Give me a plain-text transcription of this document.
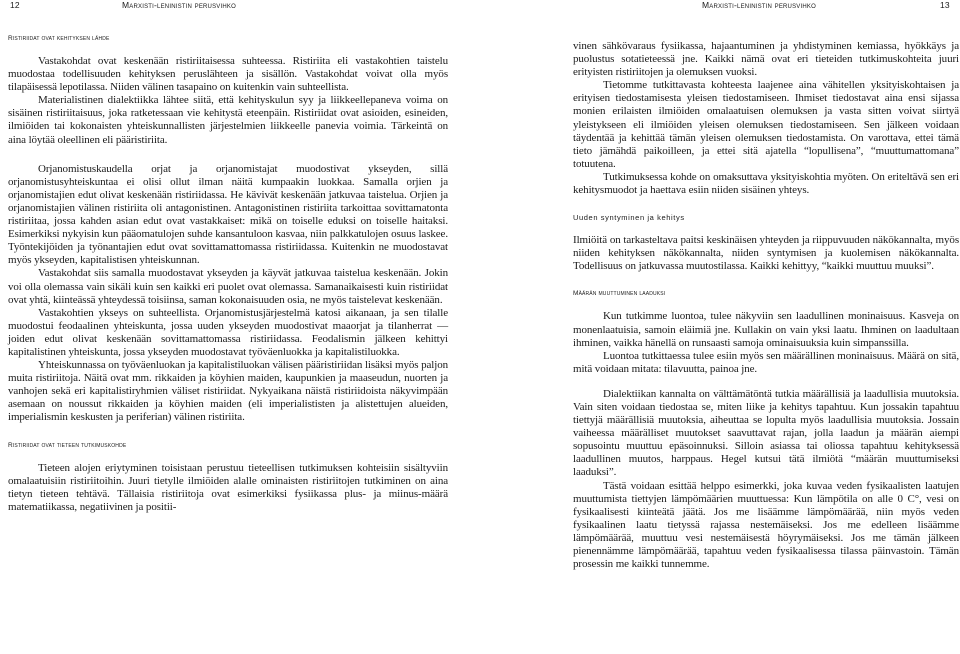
12	Marxisti-leninistin perusvihko
Ristiriidat ovat kehityksen lähde

Vastakohdat ovat keskenään ristiriitaisessa suhteessa. Ristiriita eli vastakohtien taistelu muodostaa todellisuuden kehityksen peruslähteen ja sisällön. Vastakohdat voivat olla myös tilapäisessä lepotilassa. Niiden välinen tasapaino on kuitenkin vain suhteellista.

Materialistinen dialektiikka lähtee siitä, että kehityskulun syy ja liikkeellepaneva voima on sisäinen ristiriitaisuus, joka ratketessaan vie kehitystä eteenpäin. Ristiriidat ovat asioiden, esineiden, ilmiöiden tai kokonaisten yhteiskunnallisten järjestelmien liikkeelle panevia voimia. Tärkeintä on aina löytää oleellinen eli pääristiriita.

Orjanomistuskaudella orjat ja orjanomistajat muodostivat ykseyden, sillä orjanomistusyhteiskuntaa ei olisi ollut ilman näitä kumpaakin luokkaa. Samalla orjien ja orjanomistajien edut olivat keskenään ristiriidassa. He kävivät keskenään jatkuvaa taistelua. Orjien ja orjanomistajien välinen ristiriita oli antagonistinen. Antagonistinen ristiriita tarkoittaa sovittamatonta ristiriitaa, jossa kahden asian edut ovat vastakkaiset: mikä on toiselle eduksi on toiselle haitaksi. Esimerkiksi nykyisin kun pääomatulojen suhde kansantuloon kasvaa, niin palkkatulojen osuus laskee. Työntekijöiden ja työnantajien edut ovat sovittamattomassa ristiriidassa. Kuitenkin ne muodostavat myös ykseyden, kapitalistisen yhteiskunnan.

Vastakohdat siis samalla muodostavat ykseyden ja käyvät jatkuvaa taistelua keskenään. Jokin voi olla olemassa vain sikäli kuin sen kaikki eri puolet ovat olemassa. Samanaikaisesti kuin ristiriidat ovat yhtä, kiinteässä yhteydessä toisiinsa, saman kokonaisuuden osia, ne myös taistelevat keskenään.

Vastakohtien ykseys on suhteellista. Orjanomistusjärjestelmä katosi aikanaan, ja sen tilalle muodostui feodaalinen yhteiskunta, jossa uuden ykseyden muodostivat maaorjat ja tilanherrat — joiden edut olivat keskenään sovittamattomassa ristiriidassa. Feodalismin jälkeen kehittyi kapitalistinen yhteiskunta, jossa ykseyden muodostavat työväenluokka ja kapitalistiluokka.

Yhteiskunnassa on työväenluokan ja kapitalistiluokan välisen pääristiriidan lisäksi myös paljon muita ristiriitoja. Näitä ovat mm. rikkaiden ja köyhien maiden, kaupunkien ja maaseudun, nuorten ja vanhojen sekä eri kapitalistiryhmien väliset ristiriidat. Nykyaikana näistä ristiriidoista näkyvimpään asemaan on noussut rikkaiden ja köyhien maiden (eli imperialististen ja alistettujen alueiden, imperialismin keskusten ja periferian) välinen ristiriita.

Ristiriidat ovat tieteen tutkimuskohde

Tieteen alojen eriytyminen toisistaan perustuu tieteellisen tutkimuksen kohteisiin sisältyviin omalaatuisiin ristiriitoihin. Juuri tietylle ilmiöiden alalle ominaisten ristiriitojen tutkiminen on aina tietyn tieteen tehtävä. Tällaisia ristiriitoja ovat esimerkiksi fysiikassa plus- ja miinus-määrä matematiikassa, negatiivinen ja positii-

Marxisti-leninistin perusvihko	13

vinen sähkövaraus fysiikassa, hajaantuminen ja yhdistyminen kemiassa, hyökkäys ja puolustus sotatieteessä jne. Kaikki nämä ovat eri tieteiden tutkimuskohteita juuri erityisten ristiriitojen ja olemuksen vuoksi.

Tietomme tutkittavasta kohteesta laajenee aina vähitellen yksityiskohtaisen ja erityisen tiedostamisesta yleisen tiedostamiseen. Ihmiset tiedostavat aina ensi sijassa monien erilaisten ilmiöiden omalaatuisen olemuksen ja vasta sitten voivat siirtyä yleistykseen eli ilmiöiden yleisen olemuksen tiedostamiseen. Sen jälkeen voidaan täydentää ja kehittää tämän yleisen olemuksen tiedostamista. On varottava, ettei tämä tieto jämähdä paikoilleen, ja ettei sitä ajatella “lopullisena”, “muuttumattomana” totuutena.

Tutkimuksessa kohde on omaksuttava yksityiskohtia myöten. On eriteltävä sen eri kehitysmuodot ja haettava esiin niiden sisäinen yhteys.

Uuden syntyminen ja kehitys

Ilmiöitä on tarkasteltava paitsi keskinäisen yhteyden ja riippuvuuden näkökannalta, myös niiden kehityksen näkökannalta, niiden syntymisen ja kuolemisen näkökannalta. Todellisuus on jatkuvassa muutostilassa. Kaikki kehittyy, “kaikki muuttuu muuksi”.

Määrän muuttuminen laaduksi

Kun tutkimme luontoa, tulee näkyviin sen laadullinen moninaisuus. Kasveja on monenlaatuisia, samoin eläimiä jne. Kullakin on vain yksi laatu. Ihminen on laadultaan ihminen, vaikka hänellä on runsaasti samoja ominaisuuksia kuin simpanssilla.

Luontoa tutkittaessa tulee esiin myös sen määrällinen moninaisuus. Määrä on sitä, mitä voidaan mitata: tilavuutta, painoa jne.

Dialektiikan kannalta on välttämätöntä tutkia määrällisiä ja laadullisia muutoksia. Vain siten voidaan tiedostaa se, miten liike ja kehitys tapahtuu. Kun jossakin tapahtuu tiettyjä määrällisiä muutoksia, aiheuttaa se lopulta myös laadullisia muutoksia. Jossain vaiheessa määrälliset muutokset saavuttavat rajan, jolla laadun ja määrän aiempi sopusointu muuttuu epäsoinnuksi. Silloin asiassa tai oliossa tapahtuu kehityksessä laadullinen muutos, harppaus. Hegel kutsui tätä ilmiötä “määrän muuttumiseksi laaduksi”.

Tästä voidaan esittää helppo esimerkki, joka kuvaa veden fysikaalisten laatujen muuttumista tiettyjen lämpömäärien muuttuessa: Kun lämpötila on alle 0 C°, vesi on fysikaalisesti kiinteätä jäätä. Jos me lisäämme lämpömäärää, niin myös veden fysikaalinen laatu tietyssä rajassa nestemäiseksi. Jos me edelleen lisäämme lämpömäärää, muuttuu vesi nestemäisestä höyrymäiseksi. Jos me tämän jälkeen pienennämme lämpömäärää, tapahtuu veden fysikaalisessa tilassa päinvastoin. Tämän prosessin me kaikki tunnemme.
